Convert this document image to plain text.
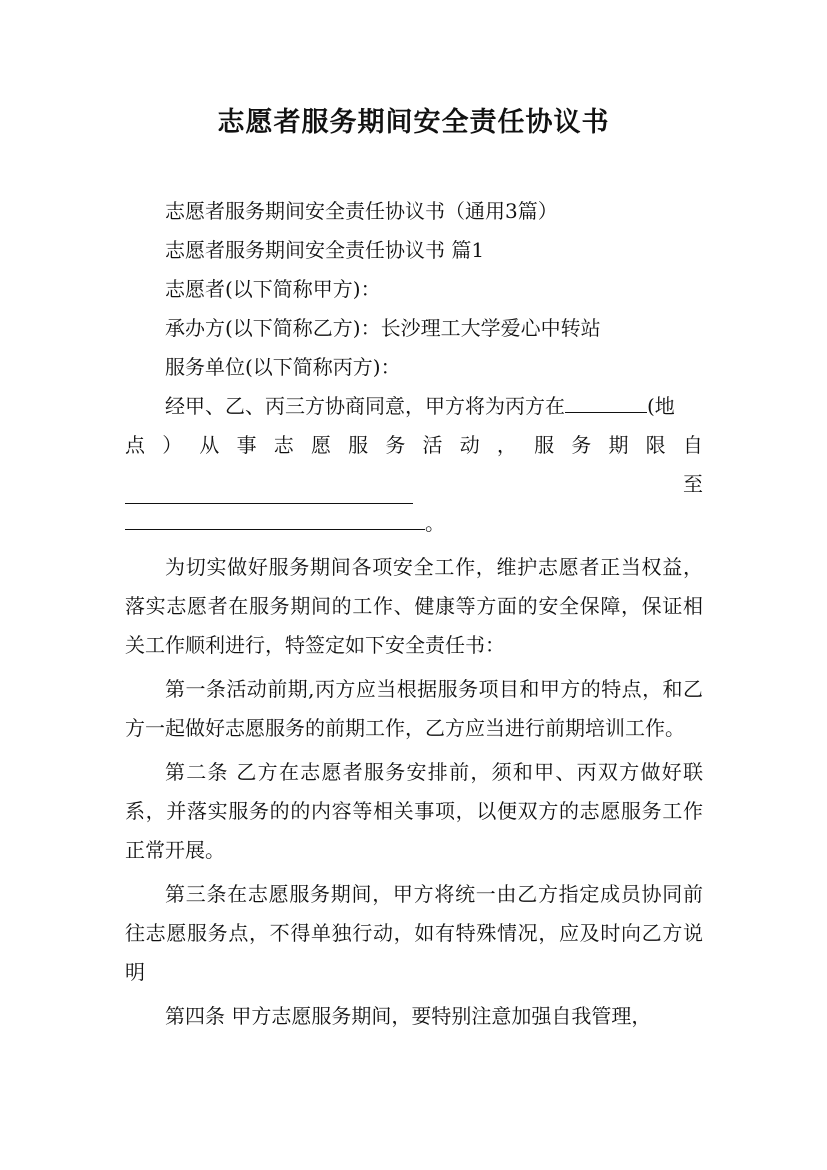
志愿者服务期间安全责任协议书

志愿者服务期间安全责任协议书（通用3篇）

志愿者服务期间安全责任协议书 篇1

志愿者(以下简称甲方)：

承办方(以下简称乙方)：长沙理工大学爱心中转站

服务单位(以下简称丙方)：

经甲、乙、丙三方协商同意，甲方将为丙方在	(地

点 ） 从 事 志 愿 服 务 活 动 ， 服 务 期 限 自
至
。

为切实做好服务期间各项安全工作，维护志愿者正当权益，落实志愿者在服务期间的工作、健康等方面的安全保障，保证相关工作顺利进行，特签定如下安全责任书：

第一条活动前期,丙方应当根据服务项目和甲方的特点，和乙方一起做好志愿服务的前期工作，乙方应当进行前期培训工作。

第二条 乙方在志愿者服务安排前，须和甲、丙双方做好联系，并落实服务的的内容等相关事项，以便双方的志愿服务工作正常开展。

第三条在志愿服务期间，甲方将统一由乙方指定成员协同前往志愿服务点，不得单独行动，如有特殊情况，应及时向乙方说明

第四条 甲方志愿服务期间，要特别注意加强自我管理，
